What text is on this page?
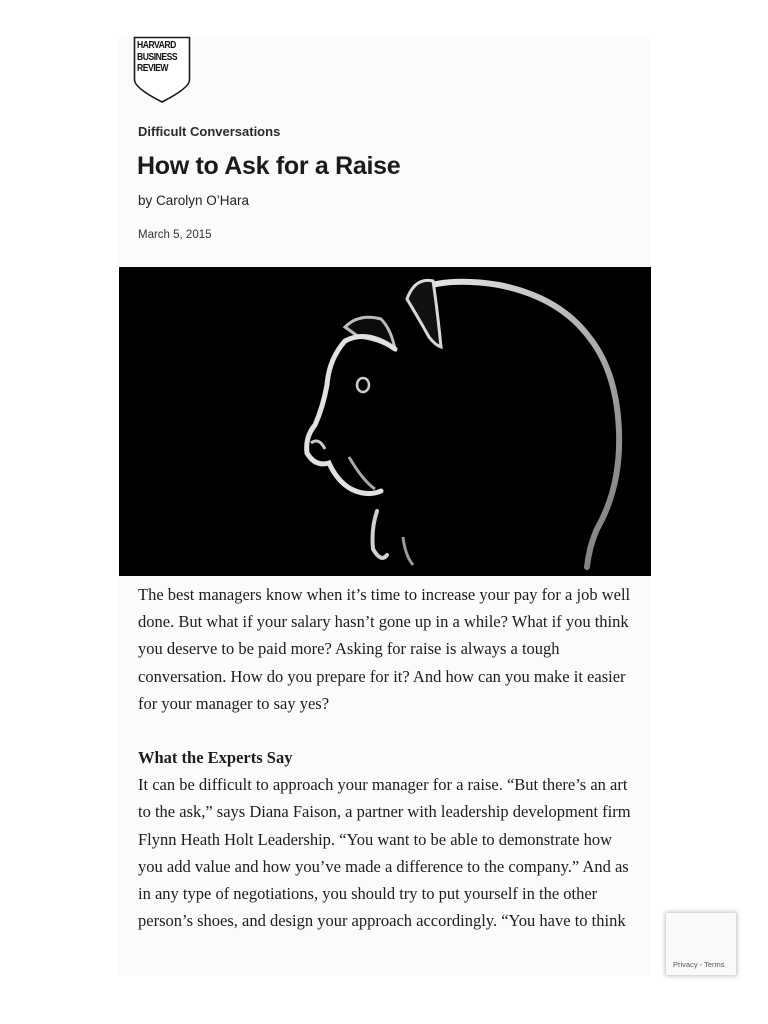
HARVARD
BUSINESS
REVIEW
Difficult Conversations
How to Ask for a Raise
by Carolyn O’Hara
March 5, 2015

The best managers know when it’s time to increase your pay for a job well done. But what if your salary hasn’t gone up in a while? What if you think you deserve to be paid more? Asking for raise is always a tough conversation. How do you prepare for it? And how can you make it easier for your manager to say yes?

What the Experts Say

It can be difficult to approach your manager for a raise. “But there’s an art to the ask,” says Diana Faison, a partner with leadership development firm Flynn Heath Holt Leadership. “You want to be able to demonstrate how you add value and how you’ve made a difference to the company.” And as in any type of negotiations, you should try to put yourself in the other person’s shoes, and design your approach accordingly. “You have to think

Privacy - Terms
